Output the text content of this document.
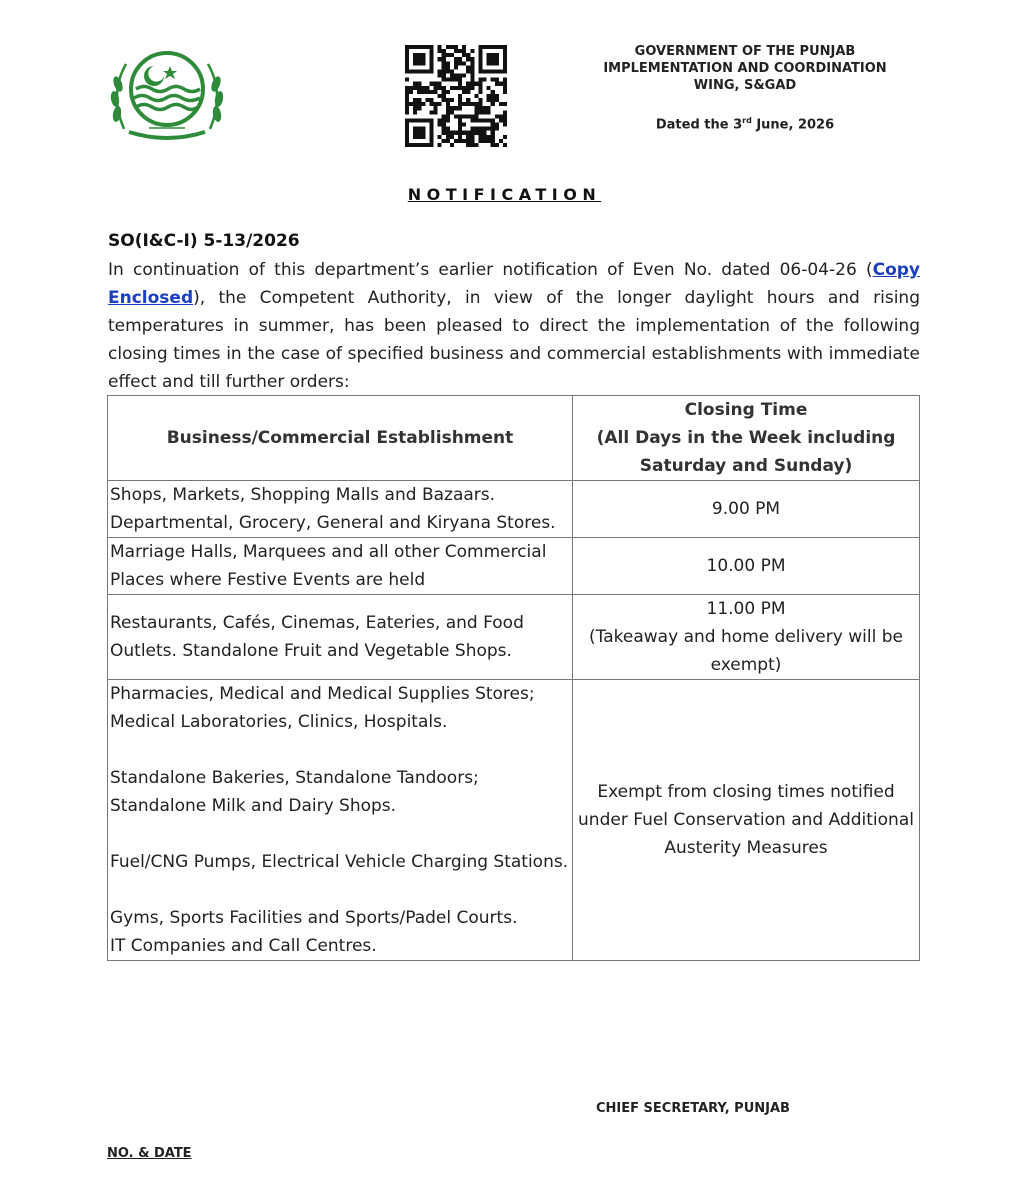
GOVERNMENT OF THE PUNJAB
IMPLEMENTATION AND COORDINATION
WING, S&GAD
Dated the 3rd June, 2026
NOTIFICATION
SO(I&C-I) 5-13/2026
In continuation of this department’s earlier notification of Even No. dated 06-04-26 (Copy Enclosed), the Competent Authority, in view of the longer daylight hours and rising temperatures in summer, has been pleased to direct the implementation of the following closing times in the case of specified business and commercial establishments with immediate effect and till further orders:
Business/Commercial Establishment	Closing Time
(All Days in the Week including Saturday and Sunday)

Shops, Markets, Shopping Malls and Bazaars. Departmental, Grocery, General and Kiryana Stores.	9.00 PM
Marriage Halls, Marquees and all other Commercial Places where Festive Events are held	10.00 PM
Restaurants, Cafés, Cinemas, Eateries, and Food Outlets. Standalone Fruit and Vegetable Shops.	11.00 PM
(Takeaway and home delivery will be exempt)

Pharmacies, Medical and Medical Supplies Stores; Medical Laboratories, Clinics, Hospitals.
Standalone Bakeries, Standalone Tandoors; Standalone Milk and Dairy Shops.
Fuel/CNG Pumps, Electrical Vehicle Charging Stations.
Gyms, Sports Facilities and Sports/Padel Courts.
IT Companies and Call Centres.	Exempt from closing times notified under Fuel Conservation and Additional Austerity Measures
CHIEF SECRETARY, PUNJAB
NO. & DATE
